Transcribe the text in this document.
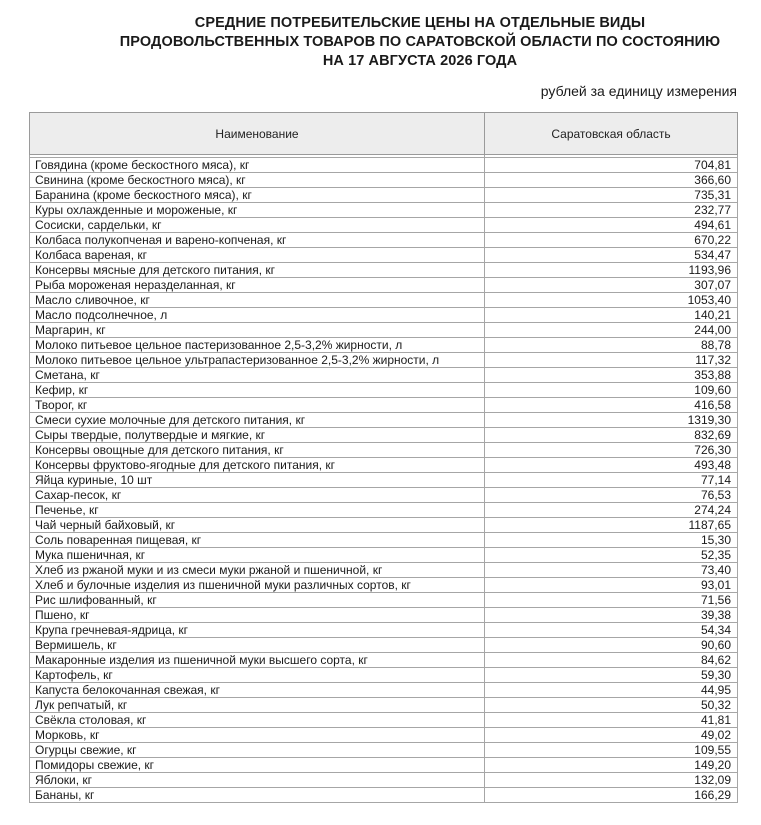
СРЕДНИЕ ПОТРЕБИТЕЛЬСКИЕ ЦЕНЫ НА ОТДЕЛЬНЫЕ ВИДЫ
ПРОДОВОЛЬСТВЕННЫХ ТОВАРОВ ПО САРАТОВСКОЙ ОБЛАСТИ ПО СОСТОЯНИЮ
НА 17 АВГУСТА 2026 ГОДА
рублей за единицу измерения
Наименование	Саратовская область

Говядина (кроме бескостного мяса), кг	704,81
Свинина (кроме бескостного мяса), кг	366,60
Баранина (кроме бескостного мяса), кг	735,31
Куры охлажденные и мороженые, кг	232,77
Сосиски, сардельки, кг	494,61
Колбаса полукопченая и варено-копченая, кг	670,22
Колбаса вареная, кг	534,47
Консервы мясные для детского питания, кг	1193,96
Рыба мороженая неразделанная, кг	307,07
Масло сливочное, кг	1053,40
Масло подсолнечное, л	140,21
Маргарин, кг	244,00
Молоко питьевое цельное пастеризованное 2,5-3,2% жирности, л	88,78
Молоко питьевое цельное ультрапастеризованное 2,5-3,2% жирности, л	117,32
Сметана, кг	353,88
Кефир, кг	109,60
Творог, кг	416,58
Смеси сухие молочные для детского питания, кг	1319,30
Сыры твердые, полутвердые и мягкие, кг	832,69
Консервы овощные для детского питания, кг	726,30
Консервы фруктово-ягодные для детского питания, кг	493,48
Яйца куриные, 10 шт	77,14
Сахар-песок, кг	76,53
Печенье, кг	274,24
Чай черный байховый, кг	1187,65
Соль поваренная пищевая, кг	15,30
Мука пшеничная, кг	52,35
Хлеб из ржаной муки и из смеси муки ржаной и пшеничной, кг	73,40
Хлеб и булочные изделия из пшеничной муки различных сортов, кг	93,01
Рис шлифованный, кг	71,56
Пшено, кг	39,38
Крупа гречневая-ядрица, кг	54,34
Вермишель, кг	90,60
Макаронные изделия из пшеничной муки высшего сорта, кг	84,62
Картофель, кг	59,30
Капуста белокочанная свежая, кг	44,95
Лук репчатый, кг	50,32
Свёкла столовая, кг	41,81
Морковь, кг	49,02
Огурцы свежие, кг	109,55
Помидоры свежие, кг	149,20
Яблоки, кг	132,09
Бананы, кг	166,29
